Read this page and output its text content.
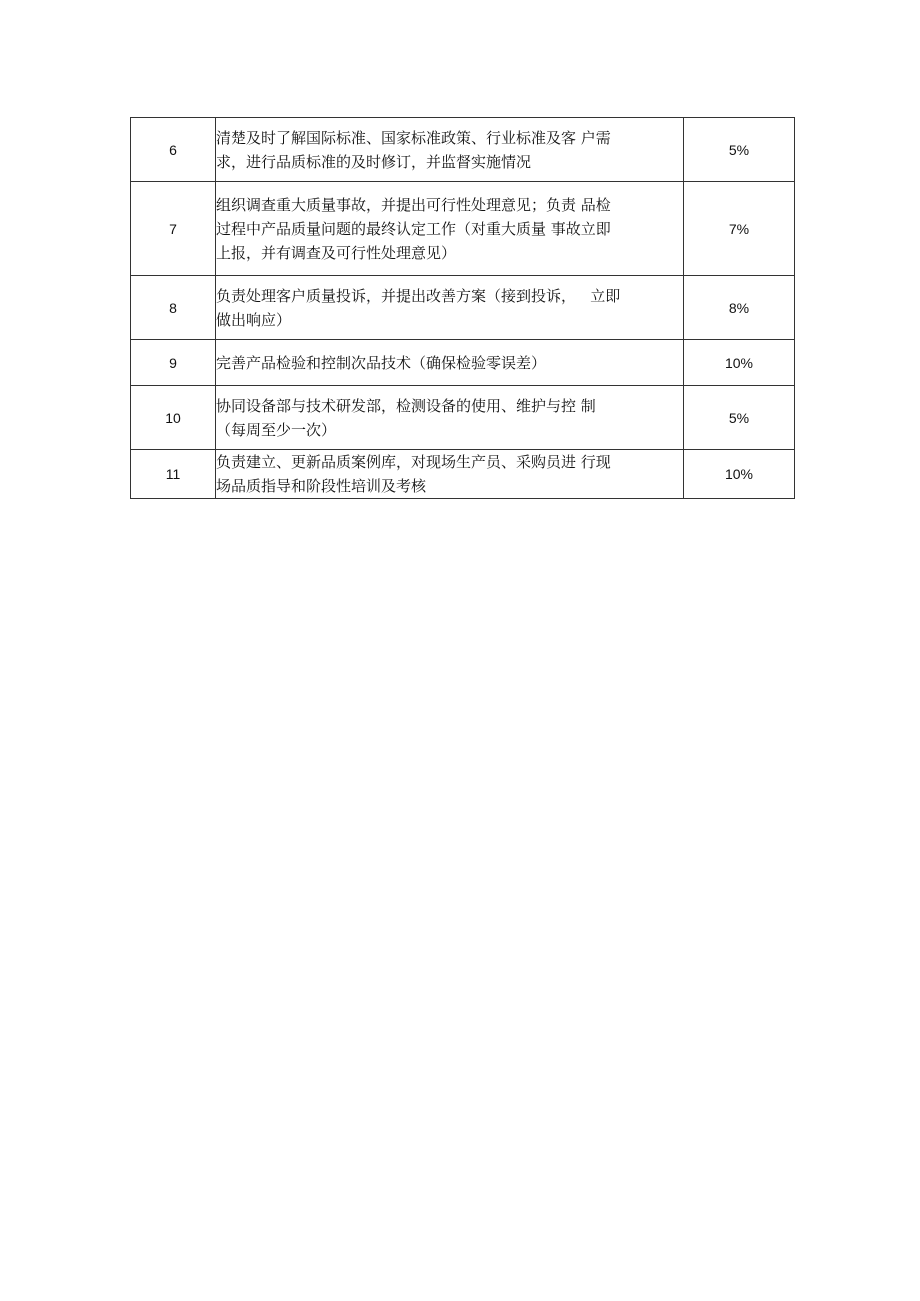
6	清楚及时了解国际标准、国家标准政策、行业标准及客 户需
求，进行品质标准的及时修订，并监督实施情况	5%
7	组织调查重大质量事故，并提出可行性处理意见；负责 品检
过程中产品质量问题的最终认定工作（对重大质量 事故立即
上报，并有调查及可行性处理意见）	7%
8	负责处理客户质量投诉，并提出改善方案（接到投诉，   立即
做出响应）	8%
9	完善产品检验和控制次品技术（确保检验零误差）	10%
10	协同设备部与技术研发部，检测设备的使用、维护与控 制
（每周至少一次）	5%
11	负责建立、更新品质案例库，对现场生产员、采购员进 行现
场品质指导和阶段性培训及考核	10%
